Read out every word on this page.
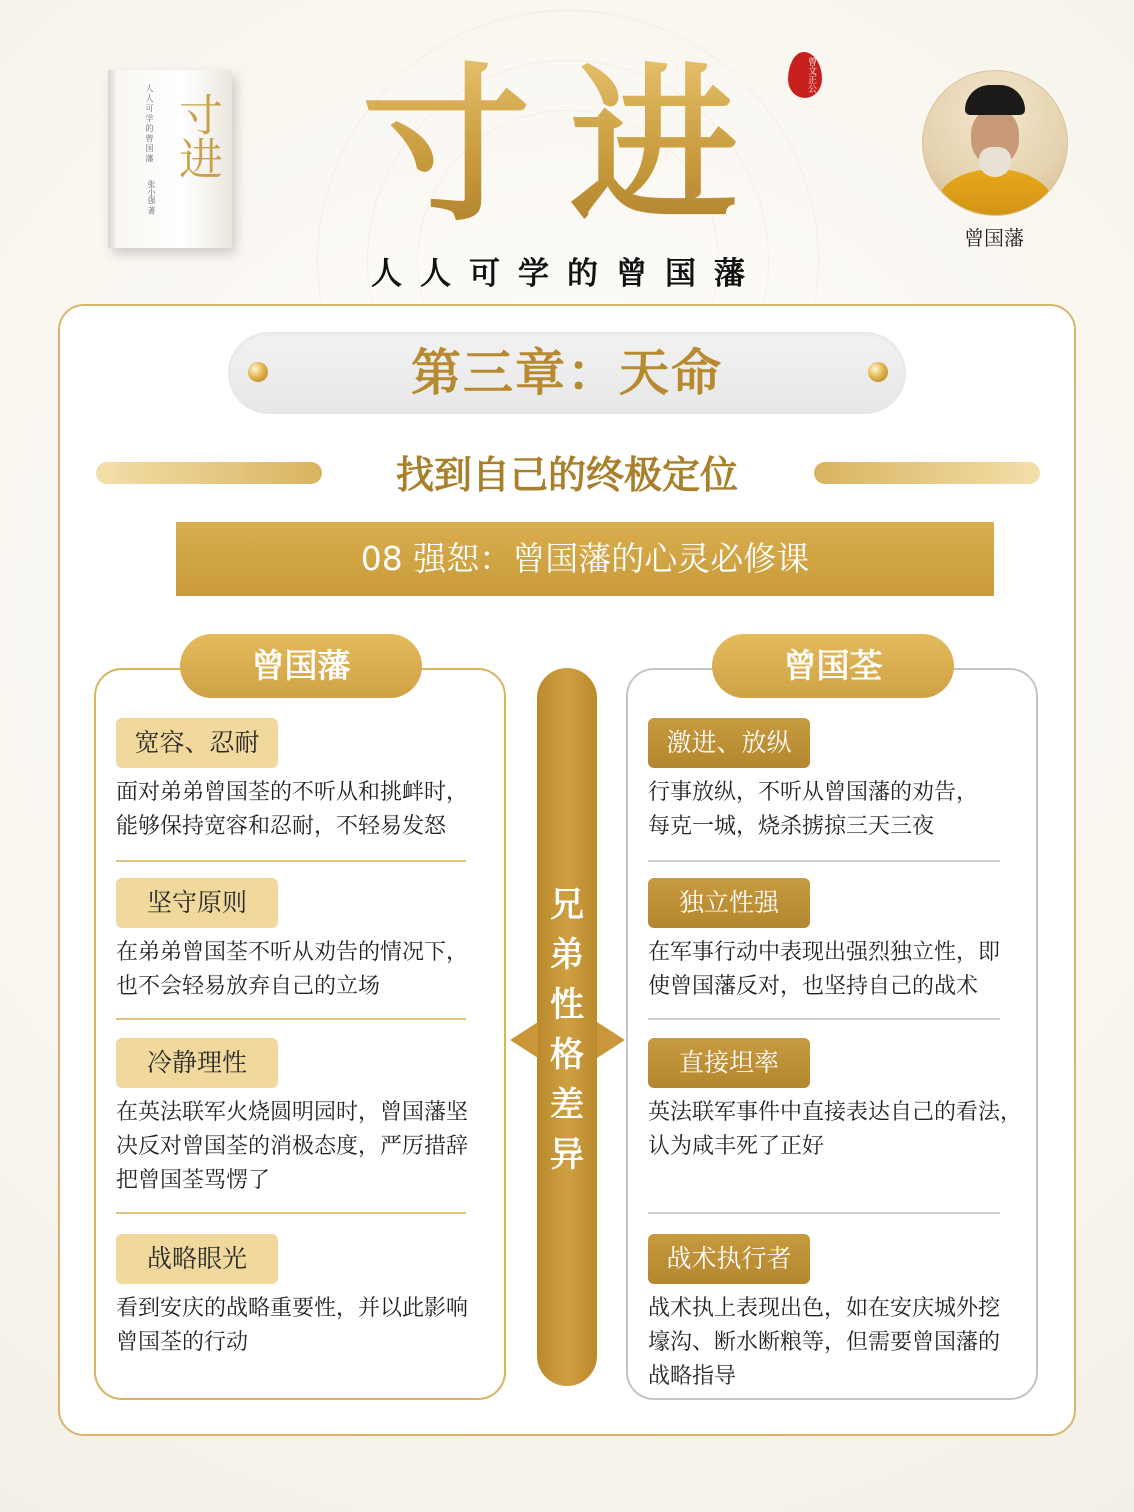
人人可学的曾国藩
张小强 著
寸进 寸进	曾文正公
人人可学的曾国藩
曾国藩
第三章：天命
找到自己的终极定位
08 强恕：曾国藩的心灵必修课
曾国藩
宽容、忍耐
面对弟弟曾国荃的不听从和挑衅时，
能够保持宽容和忍耐，不轻易发怒
坚守原则
在弟弟曾国荃不听从劝告的情况下，
也不会轻易放弃自己的立场
冷静理性
在英法联军火烧圆明园时，曾国藩坚
决反对曾国荃的消极态度，严厉措辞
把曾国荃骂愣了
战略眼光
看到安庆的战略重要性，并以此影响
曾国荃的行动
兄弟性格差异
曾国荃
激进、放纵
行事放纵，不听从曾国藩的劝告，
每克一城，烧杀掳掠三天三夜
独立性强
在军事行动中表现出强烈独立性，即
使曾国藩反对，也坚持自己的战术
直接坦率
英法联军事件中直接表达自己的看法，
认为咸丰死了正好
战术执行者
战术执上表现出色，如在安庆城外挖
壕沟、断水断粮等，但需要曾国藩的
战略指导
